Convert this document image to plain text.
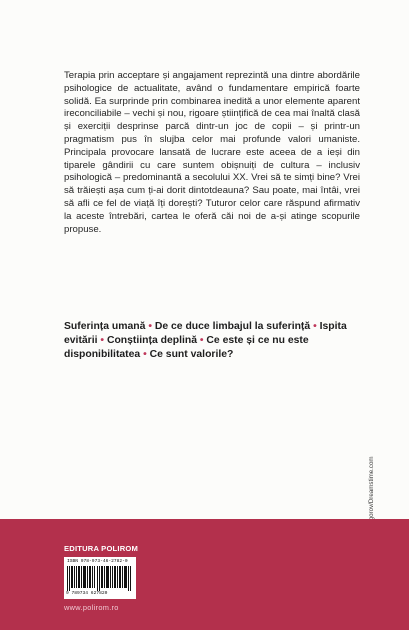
Terapia prin acceptare și angajament reprezintă una dintre abordările psihologice de actualitate, având o fundamentare empirică foarte solidă. Ea surprinde prin combinarea inedită a unor elemente aparent ireconciliabile – vechi și nou, rigoare științifică de cea mai înaltă clasă și exerciții desprinse parcă dintr-un joc de copii – și printr-un pragmatism pus în slujba celor mai profunde valori umaniste. Principala provocare lansată de lucrare este aceea de a ieși din tiparele gândirii cu care suntem obișnuiți de cultura – inclusiv psihologică – predominantă a secolului XX. Vrei să te simți bine? Vrei să trăiești așa cum ți-ai dorit dintotdeauna? Sau poate, mai întâi, vrei să afli ce fel de viață îți dorești? Tuturor celor care răspund afirmativ la aceste întrebări, cartea le oferă căi noi de a-și atinge scopurile propuse.

Suferința umană • De ce duce limbajul la suferință • Ispita evitării • Conștiința deplină • Ce este și ce nu este disponibilitatea • Ce sunt valorile?
EDITURA POLIROM
ISBN 978-973-46-2782-0
9 789734 627820
www.polirom.ro
